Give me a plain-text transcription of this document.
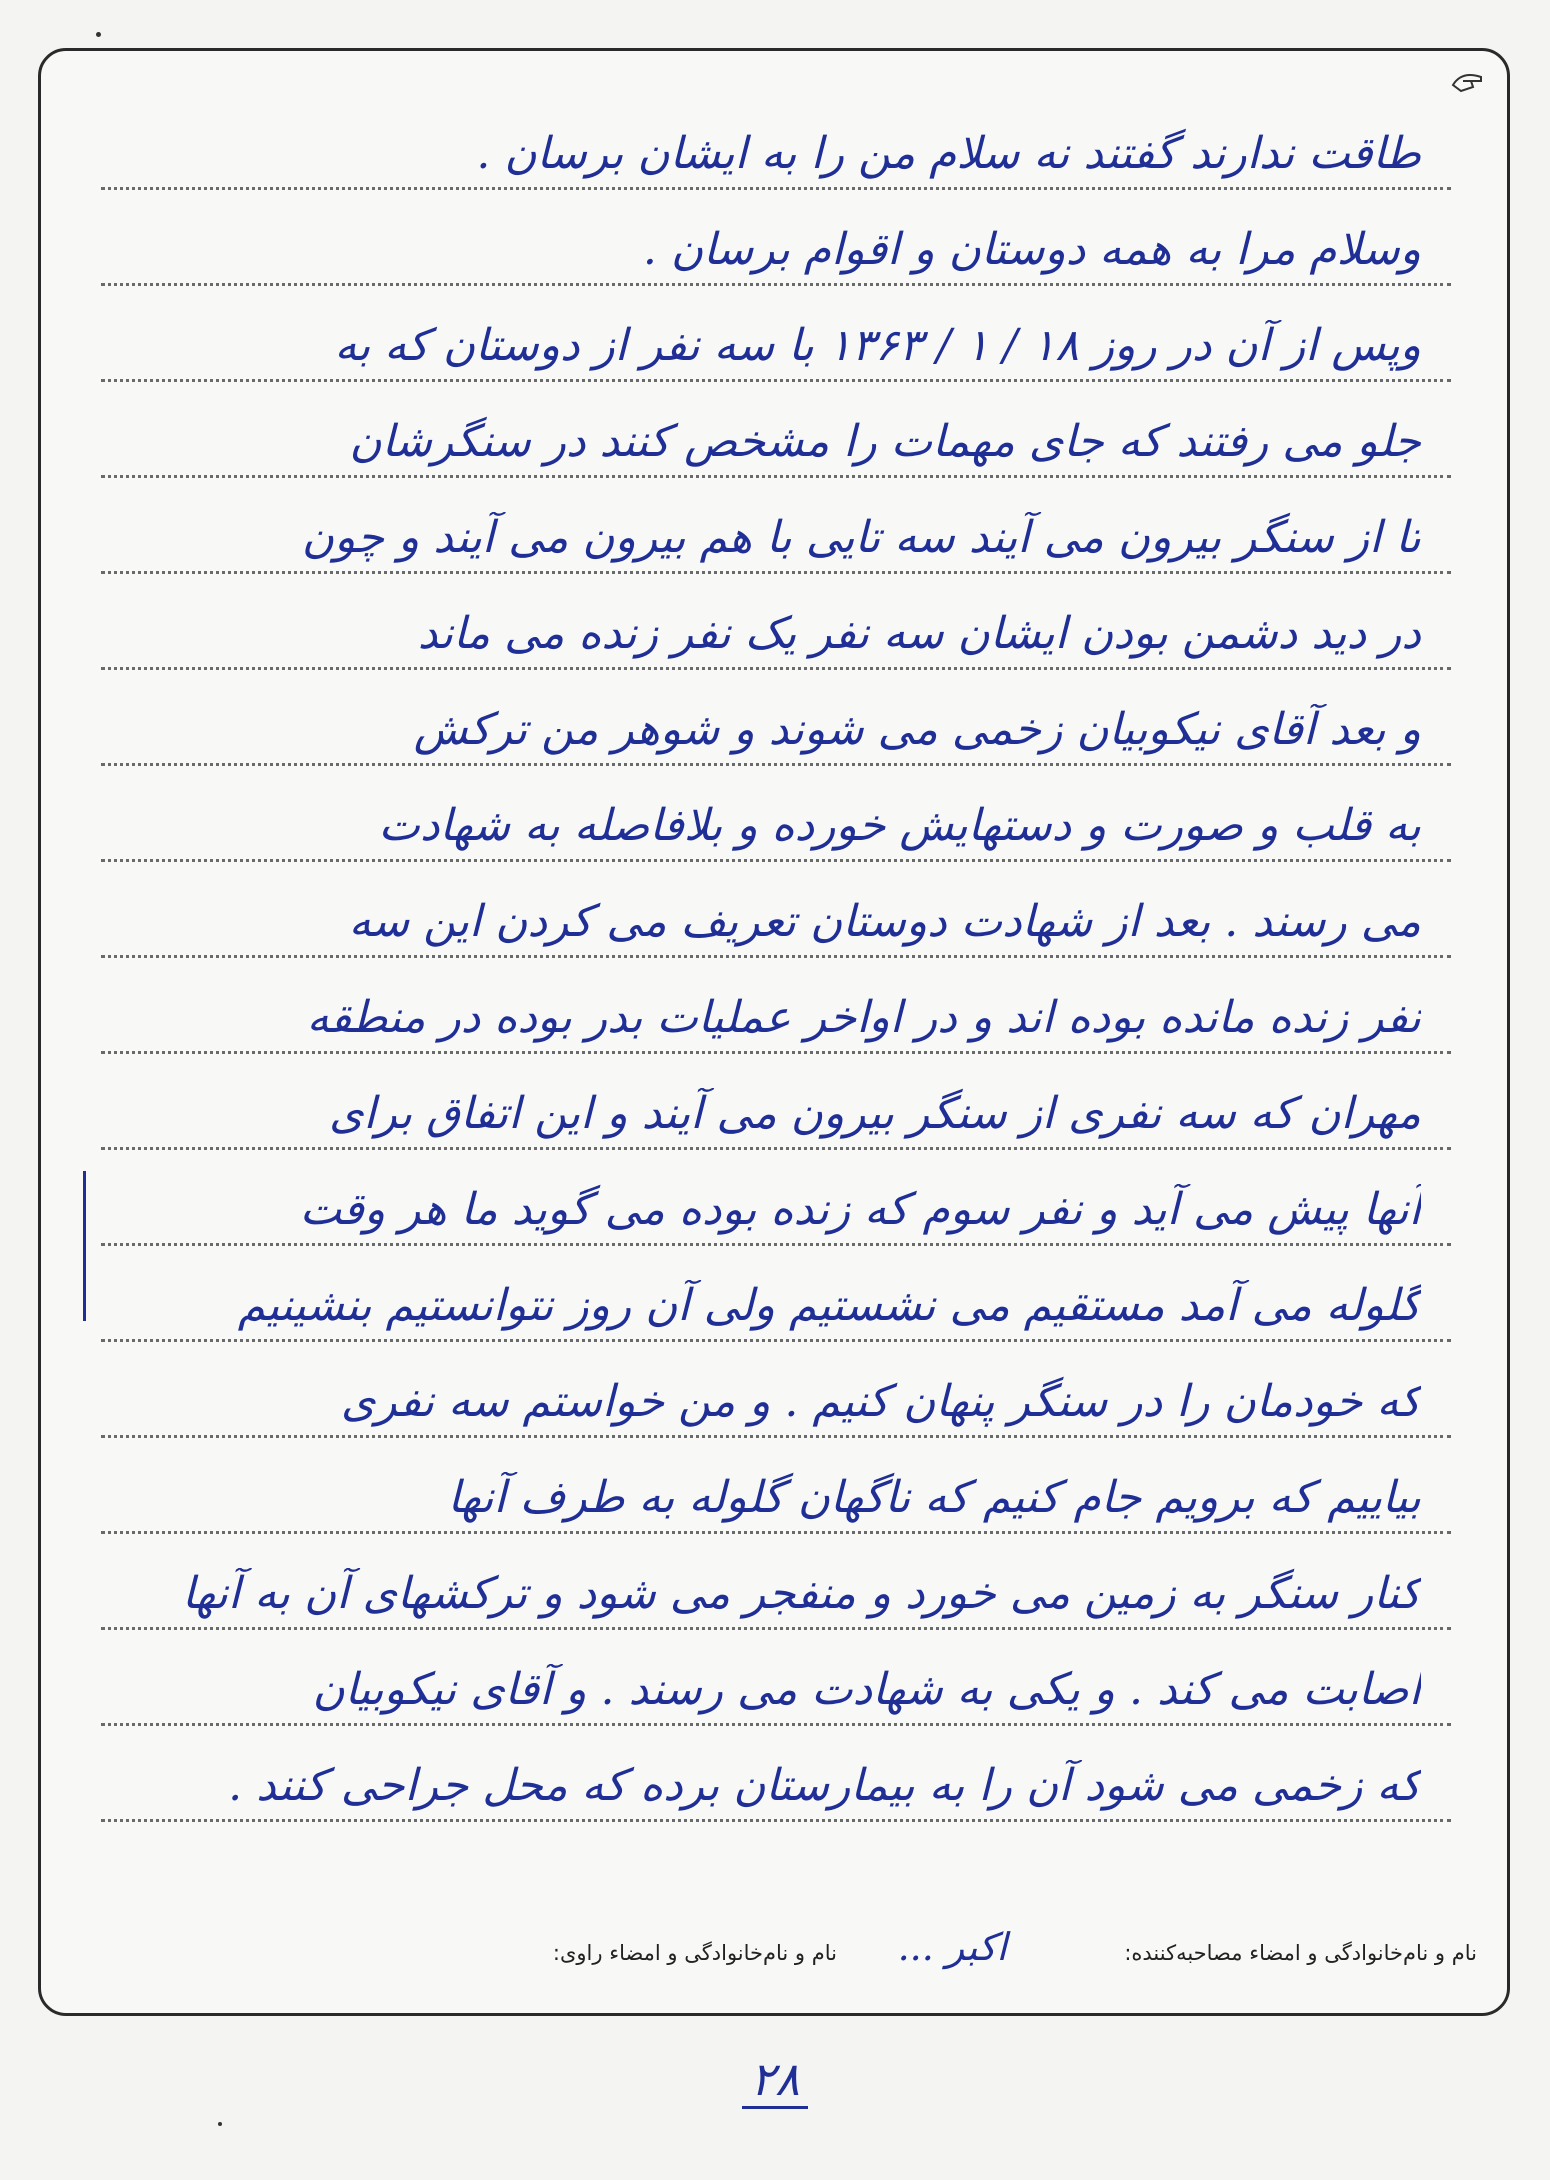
طاقت ندارند گفتند نه سلام من را به ایشان برسان .
وسلام مرا به همه دوستان و اقوام برسان .
وپس از آن در روز ۱۸ / ۱ / ۱۳۶۳ با سه نفر از دوستان که به
جلو می رفتند که جای مهمات را مشخص کنند در سنگرشان
تا از سنگر بیرون می آیند سه تایی با هم بیرون می آیند و چون
در دید دشمن بودن ایشان سه نفر یک نفر زنده می ماند
و بعد آقای نیکوبیان زخمی می شوند و شوهر من ترکش
به قلب و صورت و دستهایش خورده و بلافاصله به شهادت
می رسند . بعد از شهادت دوستان تعریف می کردن این سه
نفر زنده مانده بوده اند و در اواخر عملیات بدر بوده در منطقه
مهران که سه نفری از سنگر بیرون می آیند و این اتفاق برای
آنها پیش می آید و نفر سوم که زنده بوده می گوید ما هر وقت
گلوله می آمد مستقیم می نشستیم ولی آن روز نتوانستیم بنشینیم
که خودمان را در سنگر پنهان کنیم . و من خواستم سه نفری
بیاییم که برویم جام کنیم که ناگهان گلوله به طرف آنها
کنار سنگر به زمین می خورد و منفجر می شود و ترکشهای آن به آنها
اصابت می کند . و یکی به شهادت می رسند . و آقای نیکوبیان
که زخمی می شود آن را به بیمارستان برده که محل جراحی کنند .
نام و نام‌خانوادگی و امضاء مصاحبه‌کننده:
اکبر ...
نام و نام‌خانوادگی و امضاء راوی:
۲۸
